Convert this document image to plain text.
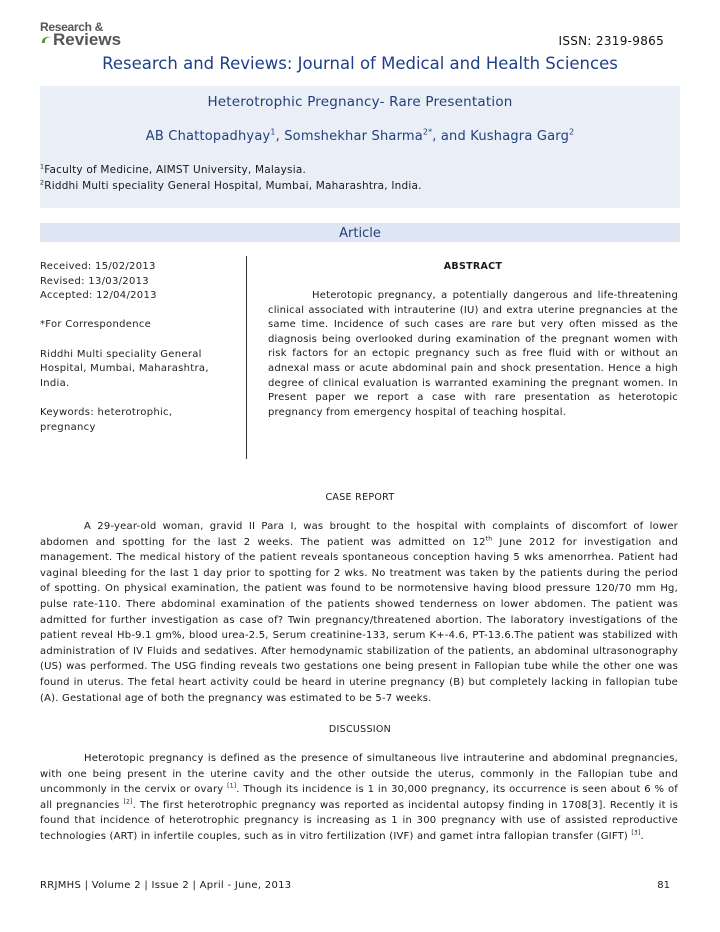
Research &
Reviews	ISSN: 2319-9865
Research and Reviews: Journal of Medical and Health Sciences
Heterotrophic Pregnancy- Rare Presentation
AB Chattopadhyay$^1$, Somshekhar Sharma$^{2*}$, and Kushagra Garg$^2$
$^1$Faculty of Medicine, AIMST University, Malaysia.
$^2$Riddhi Multi speciality General Hospital, Mumbai, Maharashtra, India.
Article

Received: 15/02/2013

Revised: 13/03/2013

Accepted: 12/04/2013

*For Correspondence

Riddhi Multi speciality General

Hospital, Mumbai, Maharashtra,

India.

Keywords: heterotrophic,

pregnancy

ABSTRACT

Heterotopic pregnancy, a potentially dangerous and life-threatening clinical associated with intrauterine (IU) and extra uterine pregnancies at the same time. Incidence of such cases are rare but very often missed as the diagnosis being overlooked during examination of the pregnant women with risk factors for an ectopic pregnancy such as free fluid with or without an adnexal mass or acute abdominal pain and shock presentation. Hence a high degree of clinical evaluation is warranted examining the pregnant women. In Present paper we report a case with rare presentation as heterotopic pregnancy from emergency hospital of teaching hospital.

CASE REPORT

A 29-year-old woman, gravid II Para I, was brought to the hospital with complaints of discomfort of lower abdomen and spotting for the last 2 weeks. The patient was admitted on 12th June 2012 for investigation and management. The medical history of the patient reveals spontaneous conception having 5 wks amenorrhea. Patient had vaginal bleeding for the last 1 day prior to spotting for 2 wks. No treatment was taken by the patients during the period of spotting. On physical examination, the patient was found to be normotensive having blood pressure 120/70 mm Hg, pulse rate-110. There abdominal examination of the patients showed tenderness on lower abdomen. The patient was admitted for further investigation as case of? Twin pregnancy/threatened abortion. The laboratory investigations of the patient reveal Hb-9.1 gm%, blood urea-2.5, Serum creatinine-133, serum K+-4.6, PT-13.6.The patient was stabilized with administration of IV Fluids and sedatives. After hemodynamic stabilization of the patients, an abdominal ultrasonography (US) was performed. The USG finding reveals two gestations one being present in Fallopian tube while the other one was found in uterus. The fetal heart activity could be heard in uterine pregnancy (B) but completely lacking in fallopian tube (A). Gestational age of both the pregnancy was estimated to be 5-7 weeks.

DISCUSSION

Heterotopic pregnancy is defined as the presence of simultaneous live intrauterine and abdominal pregnancies, with one being present in the uterine cavity and the other outside the uterus, commonly in the Fallopian tube and uncommonly in the cervix or ovary [1]. Though its incidence is 1 in 30,000 pregnancy, its occurrence is seen about 6 % of all pregnancies [2]. The first heterotrophic pregnancy was reported as incidental autopsy finding in 1708[3]. Recently it is found that incidence of heterotrophic pregnancy is increasing as 1 in 300 pregnancy with use of assisted reproductive technologies (ART) in infertile couples, such as in vitro fertilization (IVF) and gamet intra fallopian transfer (GIFT) [3].

RRJMHS | Volume 2 | Issue 2 | April - June, 2013	81
